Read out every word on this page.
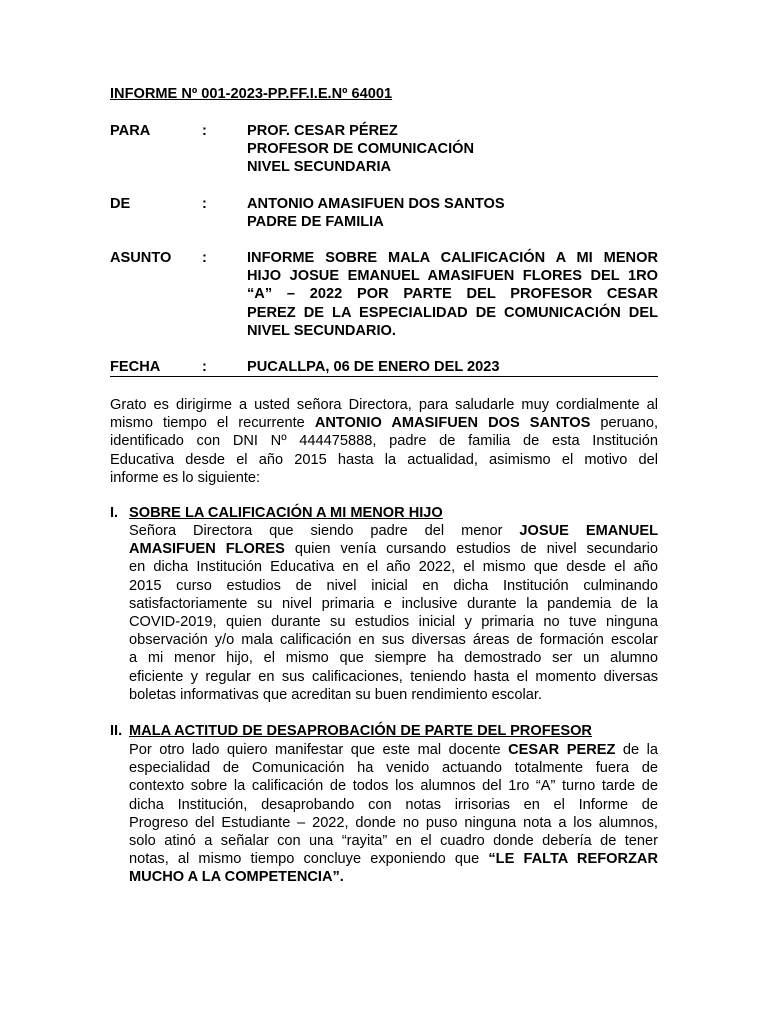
INFORME Nº 001-2023-PP.FF.I.E.Nº 64001
PARA	:	PROF. CESAR PÉREZ
PROFESOR DE COMUNICACIÓN
NIVEL SECUNDARIA
DE	:	ANTONIO AMASIFUEN DOS SANTOS
PADRE DE FAMILIA
ASUNTO :	INFORME SOBRE MALA CALIFICACIÓN A MI MENOR
HIJO JOSUE EMANUEL AMASIFUEN FLORES DEL 1RO
“A” – 2022 POR PARTE DEL PROFESOR CESAR
PEREZ DE LA ESPECIALIDAD DE COMUNICACIÓN DEL
NIVEL SECUNDARIO.
FECHA	:	PUCALLPA, 06 DE ENERO DEL 2023
Grato es dirigirme a usted señora Directora, para saludarle muy cordialmente al
mismo tiempo el recurrente ANTONIO AMASIFUEN DOS SANTOS peruano,
identificado con DNI Nº 444475888, padre de familia de esta Institución
Educativa desde el año 2015 hasta la actualidad, asimismo el motivo del
informe es lo siguiente:
I. SOBRE LA CALIFICACIÓN A MI MENOR HIJO
Señora Directora que siendo padre del menor JOSUE EMANUEL
AMASIFUEN FLORES quien venía cursando estudios de nivel secundario
en dicha Institución Educativa en el año 2022, el mismo que desde el año
2015 curso estudios de nivel inicial en dicha Institución culminando
satisfactoriamente su nivel primaria e inclusive durante la pandemia de la
COVID-2019, quien durante su estudios inicial y primaria no tuve ninguna
observación y/o mala calificación en sus diversas áreas de formación escolar
a mi menor hijo, el mismo que siempre ha demostrado ser un alumno
eficiente y regular en sus calificaciones, teniendo hasta el momento diversas
boletas informativas que acreditan su buen rendimiento escolar.
II. MALA ACTITUD DE DESAPROBACIÓN DE PARTE DEL PROFESOR
Por otro lado quiero manifestar que este mal docente CESAR PEREZ de la
especialidad de Comunicación ha venido actuando totalmente fuera de
contexto sobre la calificación de todos los alumnos del 1ro “A” turno tarde de
dicha Institución, desaprobando con notas irrisorias en el Informe de
Progreso del Estudiante – 2022, donde no puso ninguna nota a los alumnos,
solo atinó a señalar con una “rayita” en el cuadro donde debería de tener
notas, al mismo tiempo concluye exponiendo que “LE FALTA REFORZAR
MUCHO A LA COMPETENCIA”.
